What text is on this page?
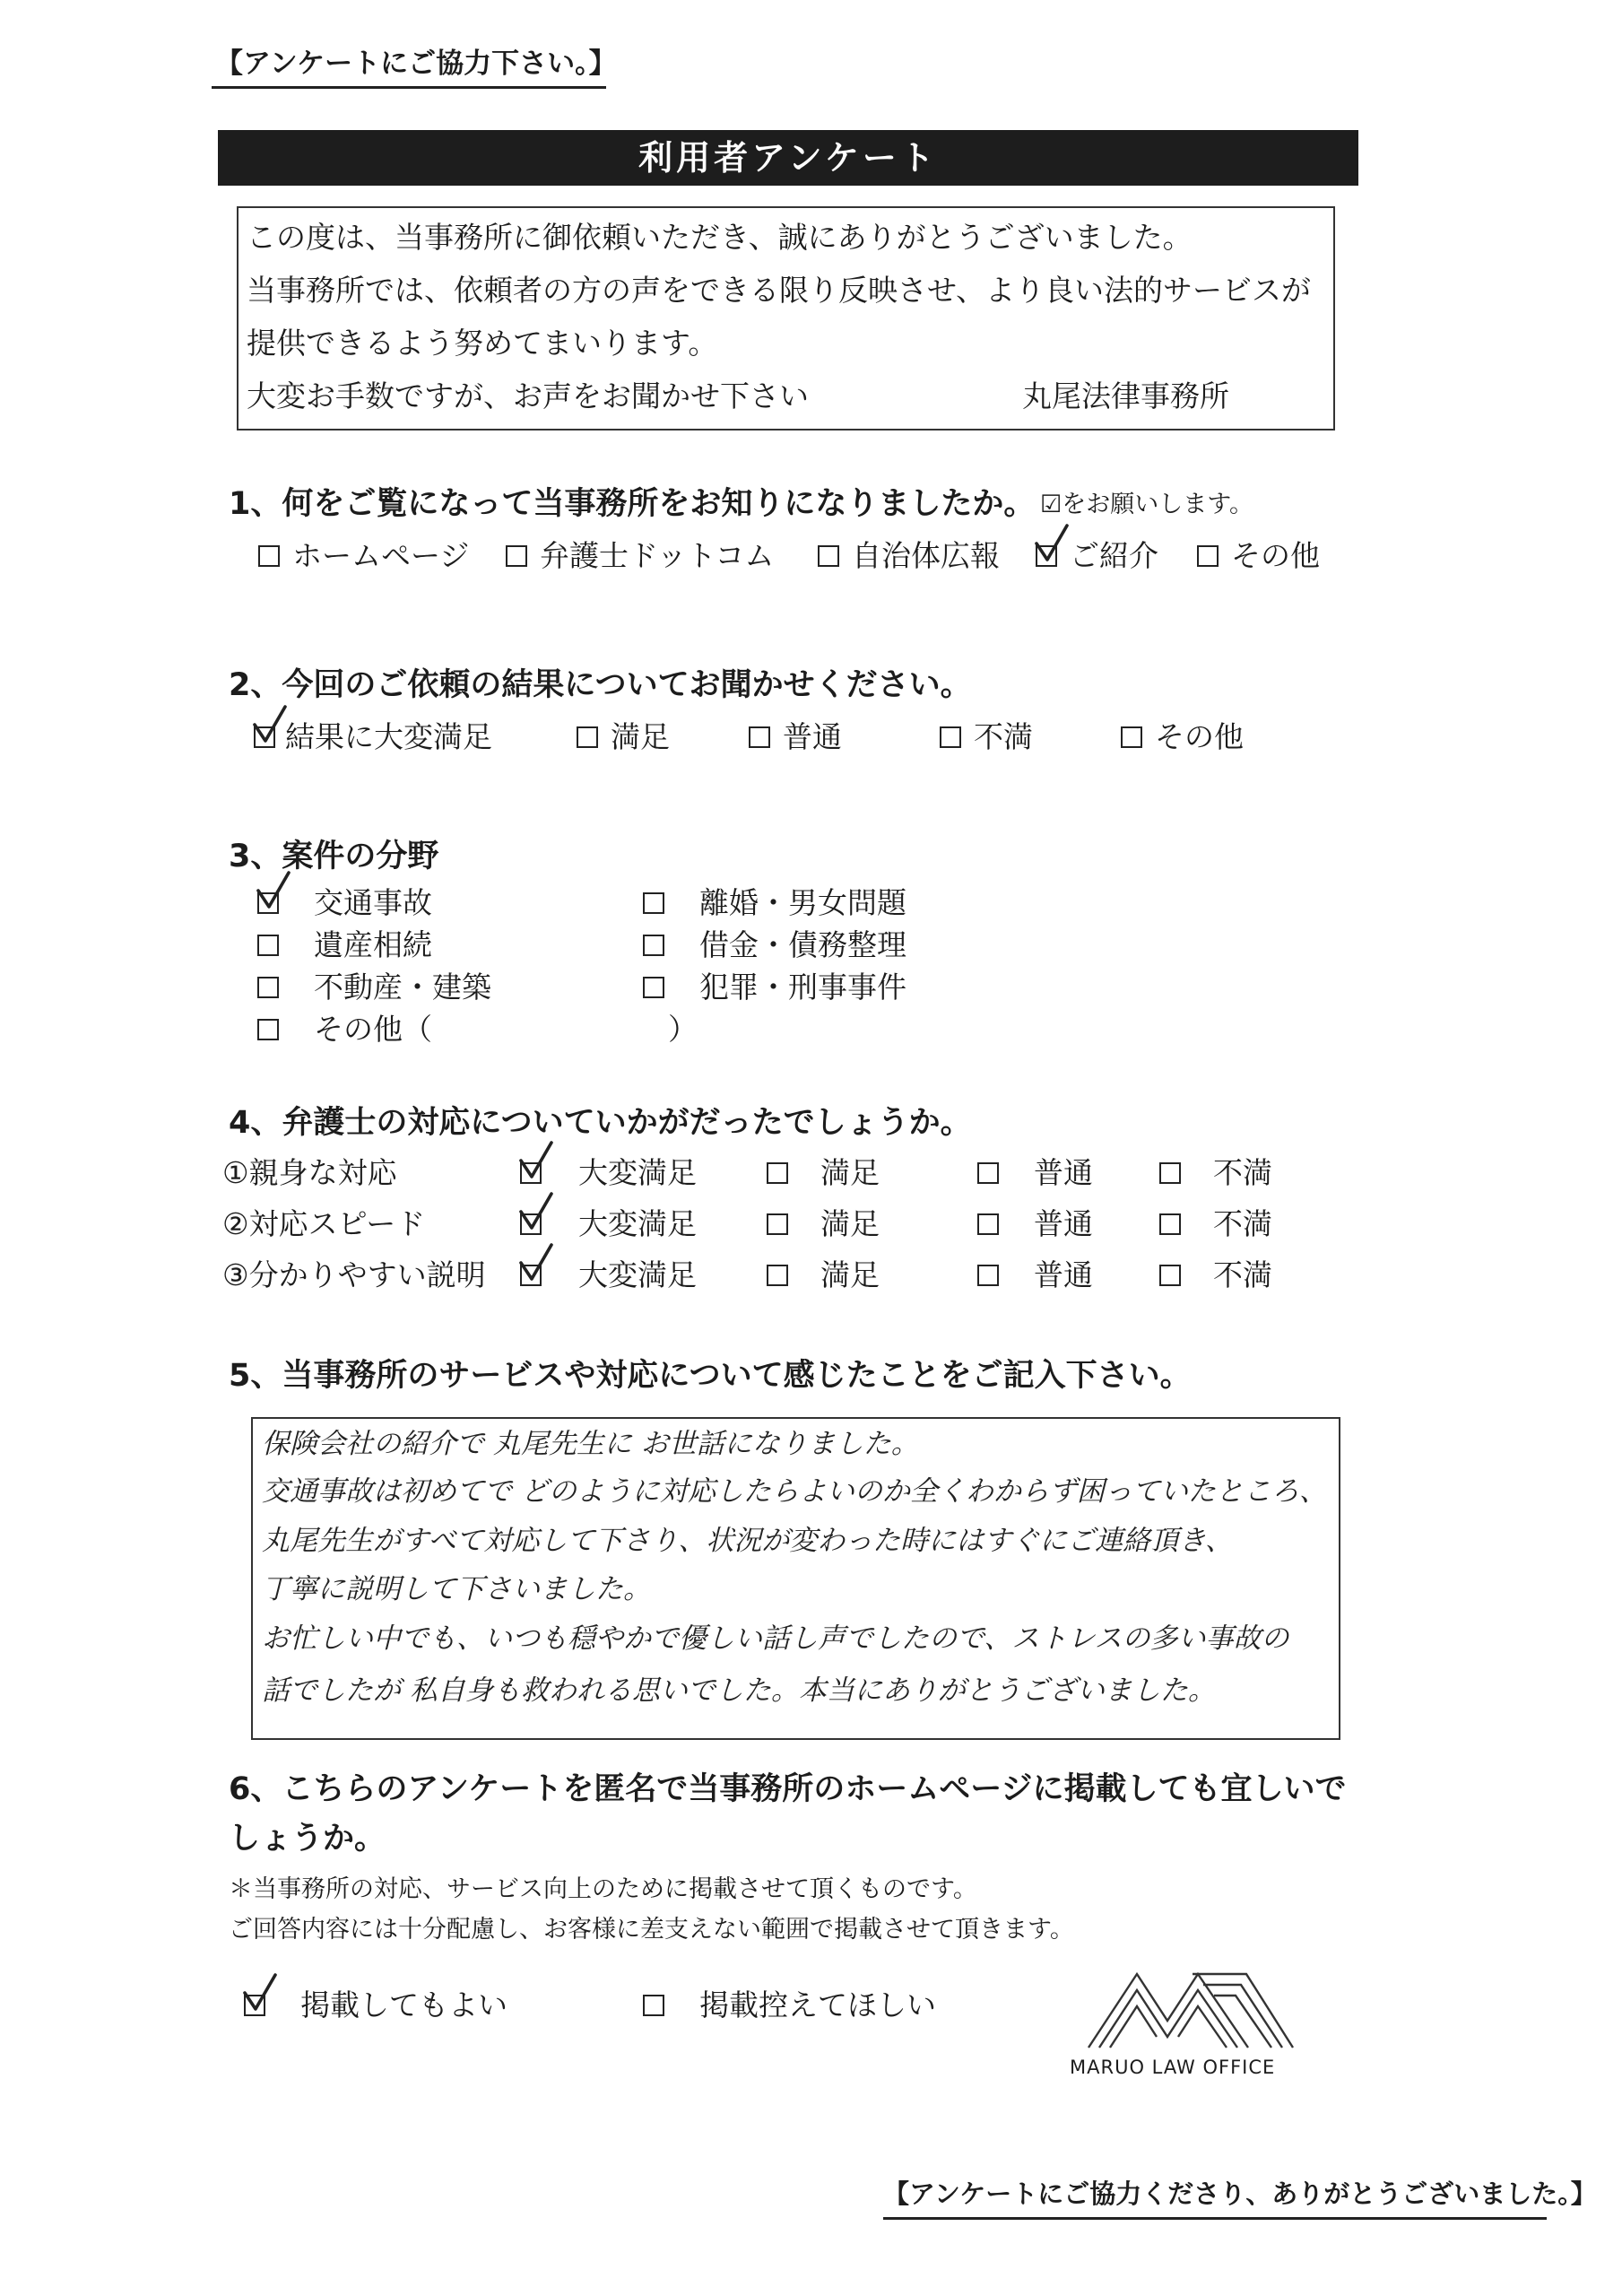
【アンケートにご協力下さい。】
利用者アンケート
この度は、当事務所に御依頼いただき、誠にありがとうございました。
当事務所では、依頼者の方の声をできる限り反映させ、より良い法的サービスが
提供できるよう努めてまいります。
大変お手数ですが、お声をお聞かせ下さい	丸尾法律事務所
1、何をご覧になって当事務所をお知りになりましたか。 ☑をお願いします。
ホームページ 弁護士ドットコム	自治体広報 ご紹介 その他
2、今回のご依頼の結果についてお聞かせください。
結果に大変満足	満足	普通	不満	その他
3、案件の分野
交通事故	離婚・男女問題
遺産相続	借金・債務整理
不動産・建築	犯罪・刑事事件
その他（	）
4、弁護士の対応についていかがだったでしょうか。
①親身な対応	大変満足	満足	普通	不満
②対応スピード	大変満足	満足	普通	不満
③分かりやすい説明	大変満足	満足	普通	不満
5、当事務所のサービスや対応について感じたことをご記入下さい。
保険会社の紹介で 丸尾先生に お世話になりました。
交通事故は初めてで どのように対応したらよいのか全くわからず困っていたところ、
丸尾先生がすべて対応して下さり、状況が変わった時にはすぐにご連絡頂き、
丁寧に説明して下さいました。
お忙しい中でも、いつも穏やかで優しい話し声でしたので、ストレスの多い事故の
話でしたが 私自身も救われる思いでした。本当にありがとうございました。
6、こちらのアンケートを匿名で当事務所のホームページに掲載しても宜しいで
しょうか。
＊当事務所の対応、サービス向上のために掲載させて頂くものです。
ご回答内容には十分配慮し、お客様に差支えない範囲で掲載させて頂きます。
掲載してもよい	掲載控えてほしい
MARUO LAW OFFICE
【アンケートにご協力くださり、ありがとうございました。】
